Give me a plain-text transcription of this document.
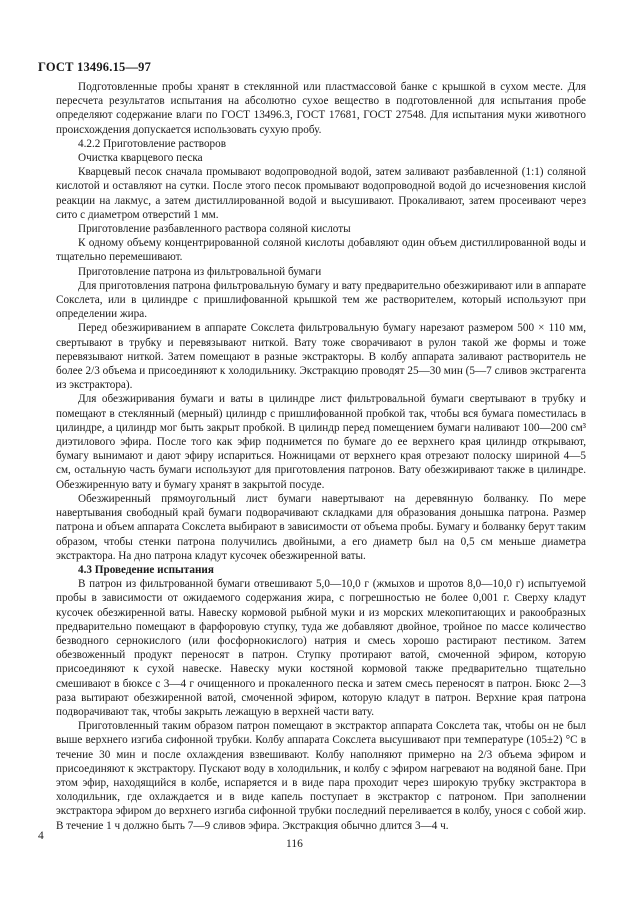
ГОСТ 13496.15—97

Подготовленные пробы хранят в стеклянной или пластмассовой банке с крышкой в сухом месте. Для пересчета результатов испытания на абсолютно сухое вещество в подготовленной для испытания пробе определяют содержание влаги по ГОСТ 13496.3, ГОСТ 17681, ГОСТ 27548. Для испытания муки животного происхождения допускается использовать сухую пробу.

4.2.2 Приготовление растворов

Очистка кварцевого песка

Кварцевый песок сначала промывают водопроводной водой, затем заливают разбавленной (1:1) соляной кислотой и оставляют на сутки. После этого песок промывают водопроводной водой до исчезновения кислой реакции на лакмус, а затем дистиллированной водой и высушивают. Прокаливают, затем просеивают через сито с диаметром отверстий 1 мм.

Приготовление разбавленного раствора соляной кислоты

К одному объему концентрированной соляной кислоты добавляют один объем дистиллированной воды и тщательно перемешивают.

Приготовление патрона из фильтровальной бумаги

Для приготовления патрона фильтровальную бумагу и вату предварительно обезжиривают или в аппарате Сокслета, или в цилиндре с пришлифованной крышкой тем же растворителем, который используют при определении жира.

Перед обезжириванием в аппарате Сокслета фильтровальную бумагу нарезают размером 500 × 110 мм, свертывают в трубку и перевязывают ниткой. Вату тоже сворачивают в рулон такой же формы и тоже перевязывают ниткой. Затем помещают в разные экстракторы. В колбу аппарата заливают растворитель не более 2/3 объема и присоединяют к холодильнику. Экстракцию проводят 25—30 мин (5—7 сливов экстрагента из экстрактора).

Для обезжиривания бумаги и ваты в цилиндре лист фильтровальной бумаги свертывают в трубку и помещают в стеклянный (мерный) цилиндр с пришлифованной пробкой так, чтобы вся бумага поместилась в цилиндре, а цилиндр мог быть закрыт пробкой. В цилиндр перед помещением бумаги наливают 100—200 см³ диэтилового эфира. После того как эфир поднимется по бумаге до ее верхнего края цилиндр открывают, бумагу вынимают и дают эфиру испариться. Ножницами от верхнего края отрезают полоску шириной 4—5 см, остальную часть бумаги используют для приготовления патронов. Вату обезжиривают также в цилиндре. Обезжиренную вату и бумагу хранят в закрытой посуде.

Обезжиренный прямоугольный лист бумаги навертывают на деревянную болванку. По мере навертывания свободный край бумаги подворачивают складками для образования донышка патрона. Размер патрона и объем аппарата Сокслета выбирают в зависимости от объема пробы. Бумагу и болванку берут таким образом, чтобы стенки патрона получились двойными, а его диаметр был на 0,5 см меньше диаметра экстрактора. На дно патрона кладут кусочек обезжиренной ваты.

4.3 Проведение испытания

В патрон из фильтрованной бумаги отвешивают 5,0—10,0 г (жмыхов и шротов 8,0—10,0 г) испытуемой пробы в зависимости от ожидаемого содержания жира, с погрешностью не более 0,001 г. Сверху кладут кусочек обезжиренной ваты. Навеску кормовой рыбной муки и из морских млекопитающих и ракообразных предварительно помещают в фарфоровую ступку, туда же добавляют двойное, тройное по массе количество безводного сернокислого (или фосфорнокислого) натрия и смесь хорошо растирают пестиком. Затем обезвоженный продукт переносят в патрон. Ступку протирают ватой, смоченной эфиром, которую присоединяют к сухой навеске. Навеску муки костяной кормовой также предварительно тщательно смешивают в бюксе с 3—4 г очищенного и прокаленного песка и затем смесь переносят в патрон. Бюкс 2—3 раза вытирают обезжиренной ватой, смоченной эфиром, которую кладут в патрон. Верхние края патрона подворачивают так, чтобы закрыть лежащую в верхней части вату.

Приготовленный таким образом патрон помещают в экстрактор аппарата Сокслета так, чтобы он не был выше верхнего изгиба сифонной трубки. Колбу аппарата Сокслета высушивают при температуре (105±2) °С в течение 30 мин и после охлаждения взвешивают. Колбу наполняют примерно на 2/3 объема эфиром и присоединяют к экстрактору. Пускают воду в холодильник, и колбу с эфиром нагревают на водяной бане. При этом эфир, находящийся в колбе, испаряется и в виде пара проходит через широкую трубку экстрактора в холодильник, где охлаждается и в виде капель поступает в экстрактор с патроном. При заполнении экстрактора эфиром до верхнего изгиба сифонной трубки последний переливается в колбу, унося с собой жир. В течение 1 ч должно быть 7—9 сливов эфира. Экстракция обычно длится 3—4 ч.

4
116
